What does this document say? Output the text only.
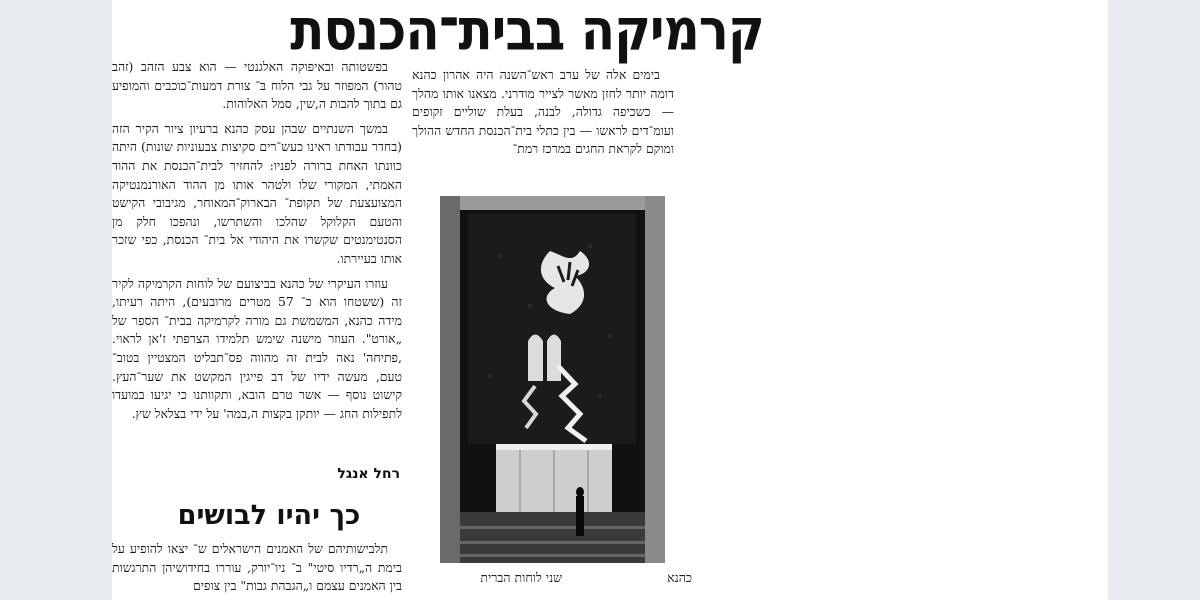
קרמיקה בבית־הכנסת

בימים אלה של ערב ראש־השנה היה אהרון כהנא דומה יותר לחזן מאשר לצייר מודרני. מצאנו אותו מהלך — כשכיפה גדולה, לבנה, בעלת שוליים זקופים ועומ־דים לראשו — בין כתלי בית־הכנסת החדש ההולך ומוקם לקראת החגים במרכז רמת־

בפשטותה ובאיפוקה האלגנטי — הוא צבע הזהב (זהב טהור) המפוזר על גבי הלוח בּ־ צורת דמעות־כוכבים והמופיע גם בתוך להבות ה,שין, סמל האלוהות.

במשך השנתיים שבהן עסק כהנא ברעיון ציור הקיר הזה (בחדר עבודתו ראינו כעש־רים סקיצות צבעוניות שונות) היתה כוונתו האחת ברורה לפניו: להחזיר לבית־הכנסת את ההוד האמתי, המקורי שלו ולטהר אותו מן ההוד האורנמנטיקה המצועצעת של תקופת־ הבארוק־המאוחר, מגיבובי הקישט והטעם הקלוקל שהלכו והשתרשו, ונהפכו חלק מן הסנטימנטים שקשרו את היהודי אל בית־ הכנסת, כפי שזכר אותו בעיירתו.

עוזרו העיקרי של כהנא בביצועם של לוחות הקרמיקה לקיר זה (ששטחו הוא כ־ 57 מטרים מרובעים), היתה רעיתו, מידה כהנא, המשמשת גם מורה לקרמיקה בבית־ הספר של „אורט". העוזר מישנה שימש תלמידו הצרפתי ז'אן לראוי. ,פתיחה' נאה לבית זה מהווה פס־תבליט המצטיין בטוב־ טעם, מעשה ידיו של דב פייגין המקשט את שער־העץ. קישוט נוסף — אשר טרם הובא, ותקוותנו כי יגיעו במועדו לתפילות החג — יותקן בקצות ה,במה' על ידי בצלאל שץ.

רחל אנגל
כך יהיו לבושים

תלבישותיהם של האמנים הישראלים ש־ יצאו להופיע על בימת ה„רדיו סיטי" ב־ ניו־יורק, עוררו בחידושיהן התרגשות בין האמנים עצמם ו„הגבהת גבות" בין צופים

כהנא
שני לוחות הברית
